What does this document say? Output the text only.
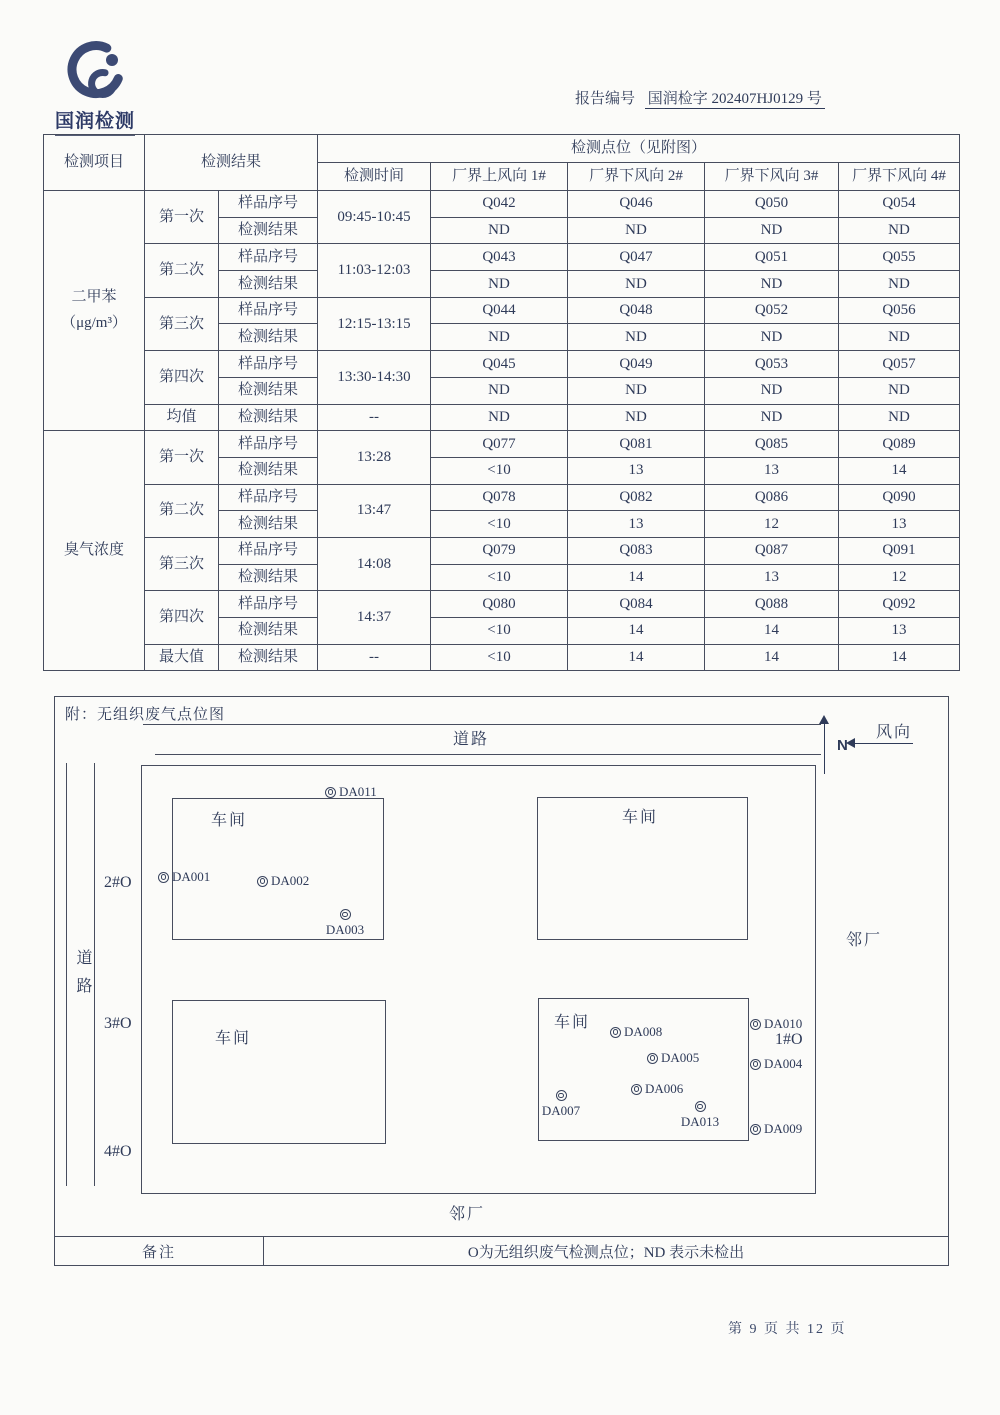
国润检测
报告编号 国润检字 202407HJ0129 号
检测项目	检测结果		检测点位（见附图）				
			检测时间	厂界上风向 1#	厂界下风向 2#	厂界下风向 3#	厂界下风向 4#

二甲苯
（μg/m³）	第一次	样品序号	09:45-10:45	Q042	Q046	Q050	Q054
		检测结果		ND	ND	ND	ND
	第二次	样品序号	11:03-12:03	Q043	Q047	Q051	Q055
		检测结果		ND	ND	ND	ND
	第三次	样品序号	12:15-13:15	Q044	Q048	Q052	Q056
		检测结果		ND	ND	ND	ND
	第四次	样品序号	13:30-14:30	Q045	Q049	Q053	Q057
		检测结果		ND	ND	ND	ND
	均值	检测结果	--	ND	ND	ND	ND

臭气浓度	第一次	样品序号	13:28	Q077	Q081	Q085	Q089
		检测结果		<10	13	13	14
	第二次	样品序号	13:47	Q078	Q082	Q086	Q090
		检测结果		<10	13	12	13
	第三次	样品序号	14:08	Q079	Q083	Q087	Q091
		检测结果		<10	14	13	12
	第四次	样品序号	14:37	Q080	Q084	Q088	Q092
		检测结果		<10	14	14	13
	最大值	检测结果	--	<10	14	14	14
附：无组织废气点位图
道路	N
风向
道路
2#O
3#O
4#O
1#O
车间	车间
车间
车间
DA011
DA001	DA002
DA003
DA008
DA005
DA006
DA007
DA013
DA010
DA004
DA009
邻厂
邻厂
备注	O为无组织废气检测点位；ND 表示未检出
第 9 页 共 12 页
